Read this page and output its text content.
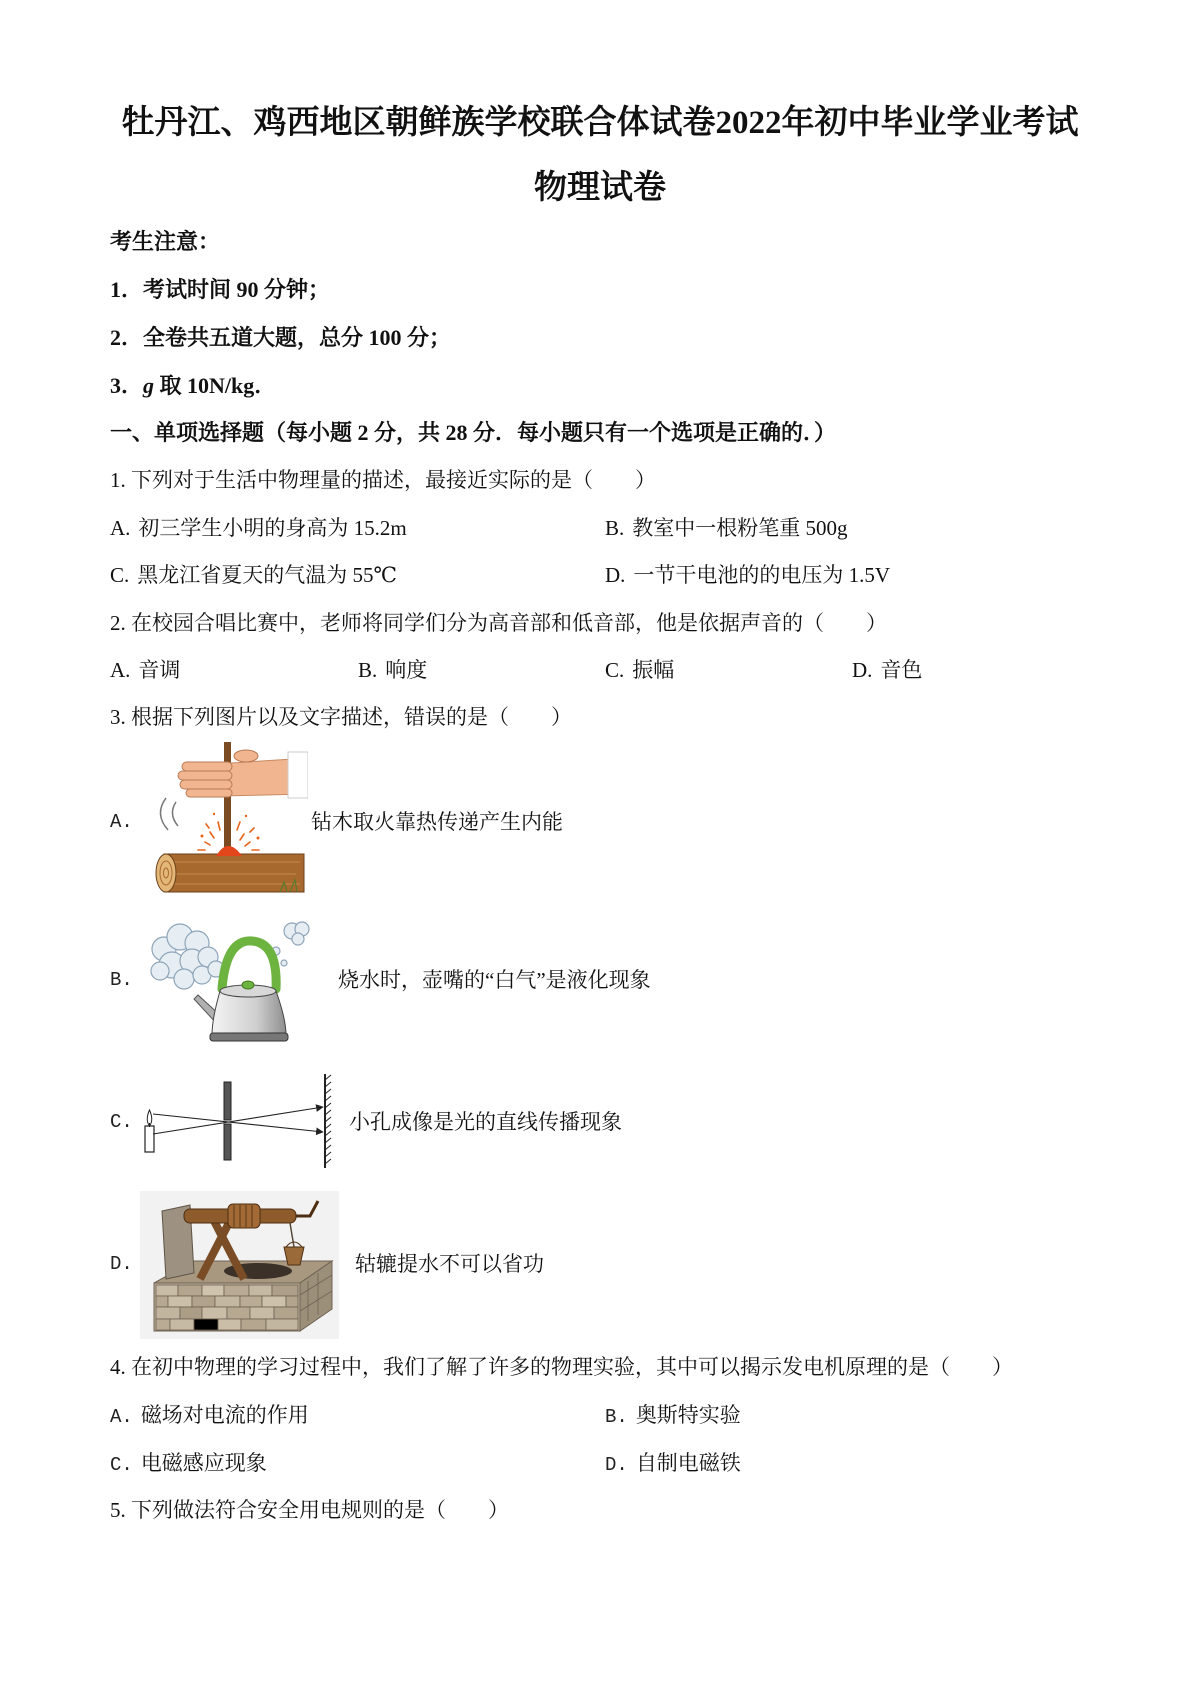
牡丹江、鸡西地区朝鲜族学校联合体试卷2022年初中毕业学业考试
物理试卷
考生注意：
1．考试时间 90 分钟；
2．全卷共五道大题，总分 100 分；
3．g 取 10N/kg．
一、单项选择题（每小题 2 分，共 28 分．每小题只有一个选项是正确的．）
1. 下列对于生活中物理量的描述，最接近实际的是（　　）
A. 初三学生小明的身高为 15.2m	B. 教室中一根粉笔重 500g
C. 黑龙江省夏天的气温为 55℃	D. 一节干电池的的电压为 1.5V
2. 在校园合唱比赛中，老师将同学们分为高音部和低音部，他是依据声音的（　　）
A. 音调	B. 响度	C. 振幅	D. 音色
3. 根据下列图片以及文字描述，错误的是（　　）
A.	钻木取火靠热传递产生内能
B.	烧水时，壶嘴的“白气”是液化现象
C.	小孔成像是光的直线传播现象
D.	轱辘提水不可以省功
4. 在初中物理的学习过程中，我们了解了许多的物理实验，其中可以揭示发电机原理的是（　　）
A. 磁场对电流的作用	B. 奥斯特实验
C. 电磁感应现象	D. 自制电磁铁
5. 下列做法符合安全用电规则的是（　　）
